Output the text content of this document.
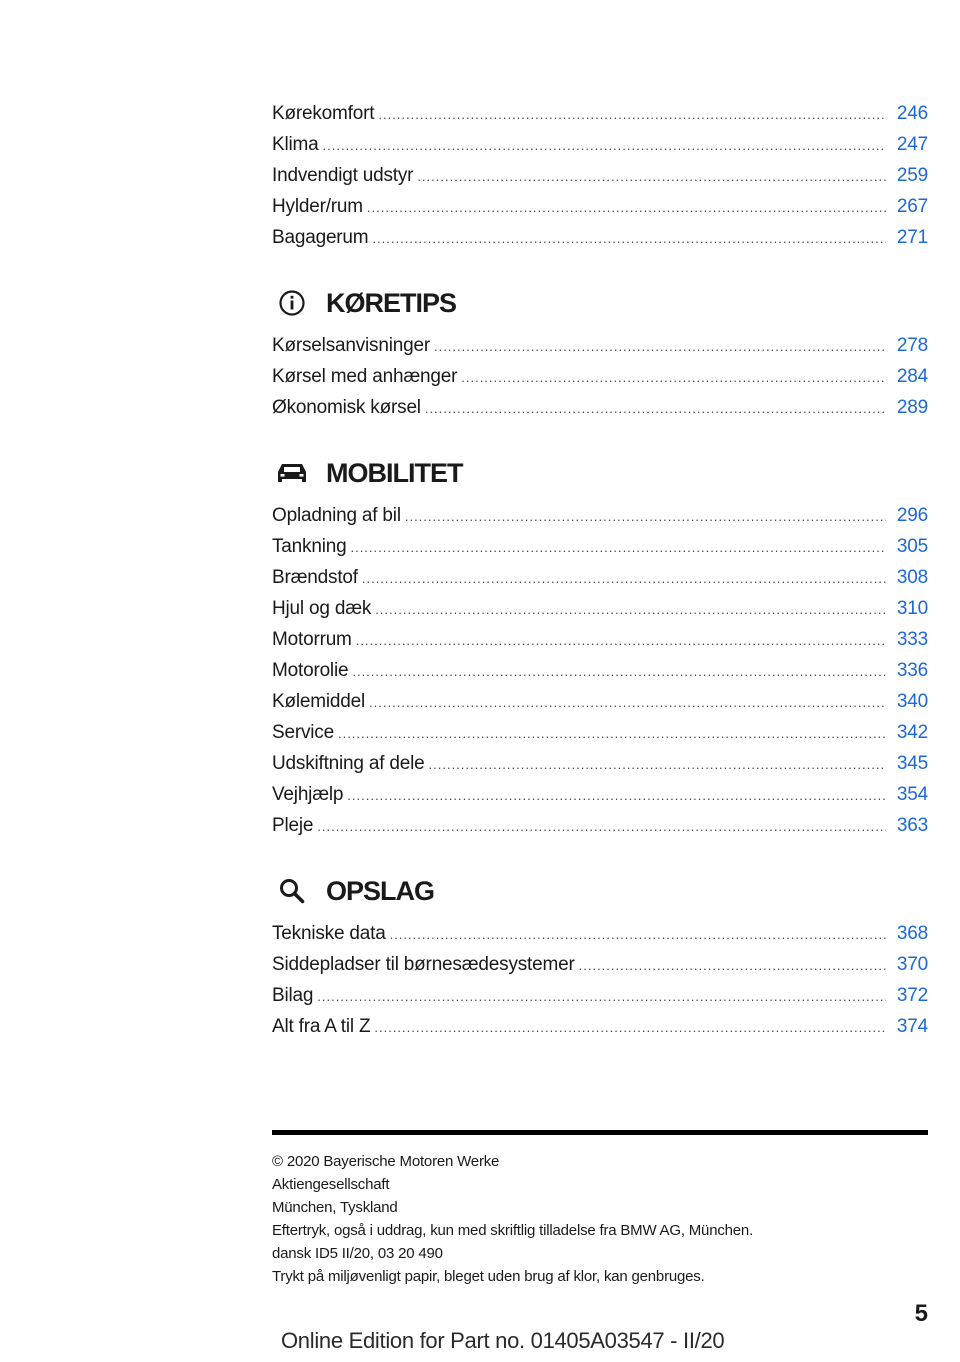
Kørekomfort .....	246
Klima .....	247
Indvendigt udstyr .....	259
Hylder/rum .....	267
Bagagerum .....	271
KØRETIPS
Kørselsanvisninger .....	278
Kørsel med anhænger .....	284
Økonomisk kørsel .....	289
MOBILITET
Opladning af bil .....	296
Tankning .....	305
Brændstof .....	308
Hjul og dæk .....	310
Motorrum .....	333
Motorolie .....	336
Kølemiddel .....	340
Service .....	342
Udskiftning af dele .....	345
Vejhjælp .....	354
Pleje .....	363
OPSLAG
Tekniske data .....	368
Siddepladser til børnesædesystemer .....	370
Bilag .....	372
Alt fra A til Z .....	374
© 2020 Bayerische Motoren Werke
Aktiengesellschaft
München, Tyskland
Eftertryk, også i uddrag, kun med skriftlig tilladelse fra BMW AG, München.
dansk ID5 II/20, 03 20 490
Trykt på miljøvenligt papir, bleget uden brug af klor, kan genbruges.
5
Online Edition for Part no. 01405A03547 - II/20
